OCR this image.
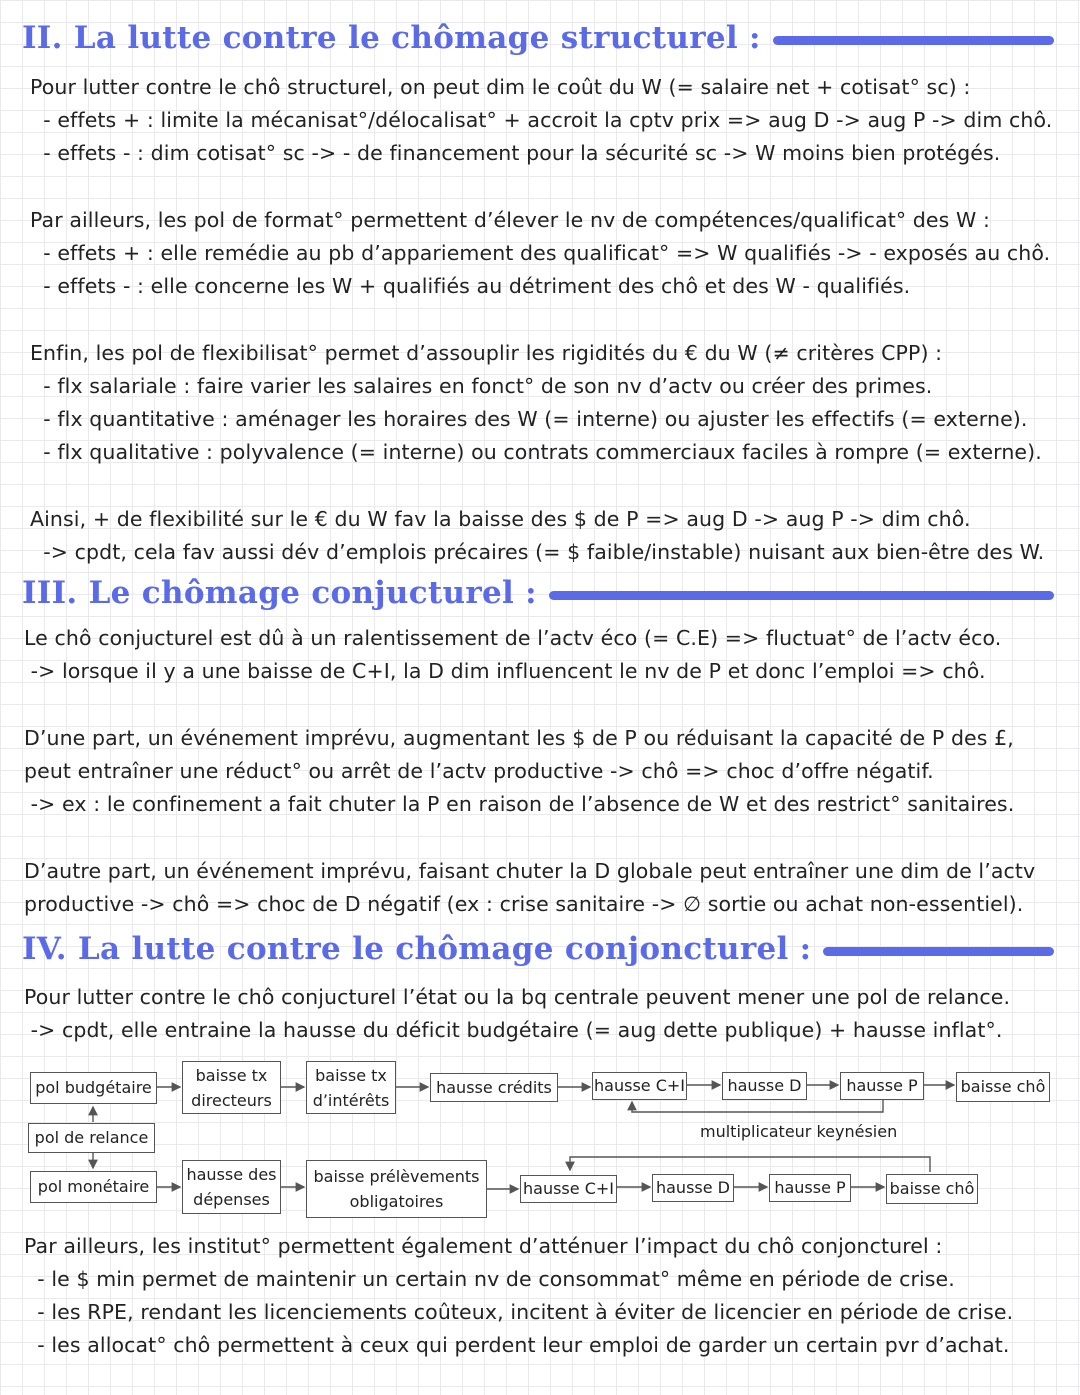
II. La lutte contre le chômage structurel :
Pour lutter contre le chô structurel, on peut dim le coût du W (= salaire net + cotisat° sc) :
- effets + : limite la mécanisat°/délocalisat° + accroit la cptv prix => aug D -> aug P -> dim chô.
- effets - : dim cotisat° sc -> - de financement pour la sécurité sc -> W moins bien protégés.
Par ailleurs, les pol de format° permettent d’élever le nv de compétences/qualificat° des W :
- effets + : elle remédie au pb d’appariement des qualificat° => W qualifiés -> - exposés au chô.
- effets - : elle concerne les W + qualifiés au détriment des chô et des W - qualifiés.
Enfin, les pol de flexibilisat° permet d’assouplir les rigidités du € du W (≠ critères CPP) :
- flx salariale : faire varier les salaires en fonct° de son nv d’actv ou créer des primes.
- flx quantitative : aménager les horaires des W (= interne) ou ajuster les effectifs (= externe).
- flx qualitative : polyvalence (= interne) ou contrats commerciaux faciles à rompre (= externe).
Ainsi, + de flexibilité sur le € du W fav la baisse des $ de P => aug D -> aug P -> dim chô.
-> cpdt, cela fav aussi dév d’emplois précaires (= $ faible/instable) nuisant aux bien-être des W.
III. Le chômage conjucturel :
Le chô conjucturel est dû à un ralentissement de l’actv éco (= C.E) => fluctuat° de l’actv éco.
-> lorsque il y a une baisse de C+I, la D dim influencent le nv de P et donc l’emploi => chô.
D’une part, un événement imprévu, augmentant les $ de P ou réduisant la capacité de P des £,
peut entraîner une réduct° ou arrêt de l’actv productive -> chô => choc d’offre négatif.
-> ex : le confinement a fait chuter la P en raison de l’absence de W et des restrict° sanitaires.
D’autre part, un événement imprévu, faisant chuter la D globale peut entraîner une dim de l’actv
productive -> chô => choc de D négatif (ex : crise sanitaire -> ∅ sortie ou achat non-essentiel).
IV. La lutte contre le chômage conjoncturel :
Pour lutter contre le chô conjucturel l’état ou la bq centrale peuvent mener une pol de relance.
-> cpdt, elle entraine la hausse du déficit budgétaire (= aug dette publique) + hausse inflat°.
pol budgétaire
pol de relance
pol monétaire
baisse tx
directeurs
baisse tx
d’intérêts
hausse crédits	hausse C+I	hausse D	hausse P	baisse chô
multiplicateur keynésien
hausse des
dépenses
baisse prélèvements
obligatoires
hausse C+I	hausse D	hausse P	baisse chô
Par ailleurs, les institut° permettent également d’atténuer l’impact du chô conjoncturel :
- le $ min permet de maintenir un certain nv de consommat° même en période de crise.
- les RPE, rendant les licenciements coûteux, incitent à éviter de licencier en période de crise.
- les allocat° chô permettent à ceux qui perdent leur emploi de garder un certain pvr d’achat.
